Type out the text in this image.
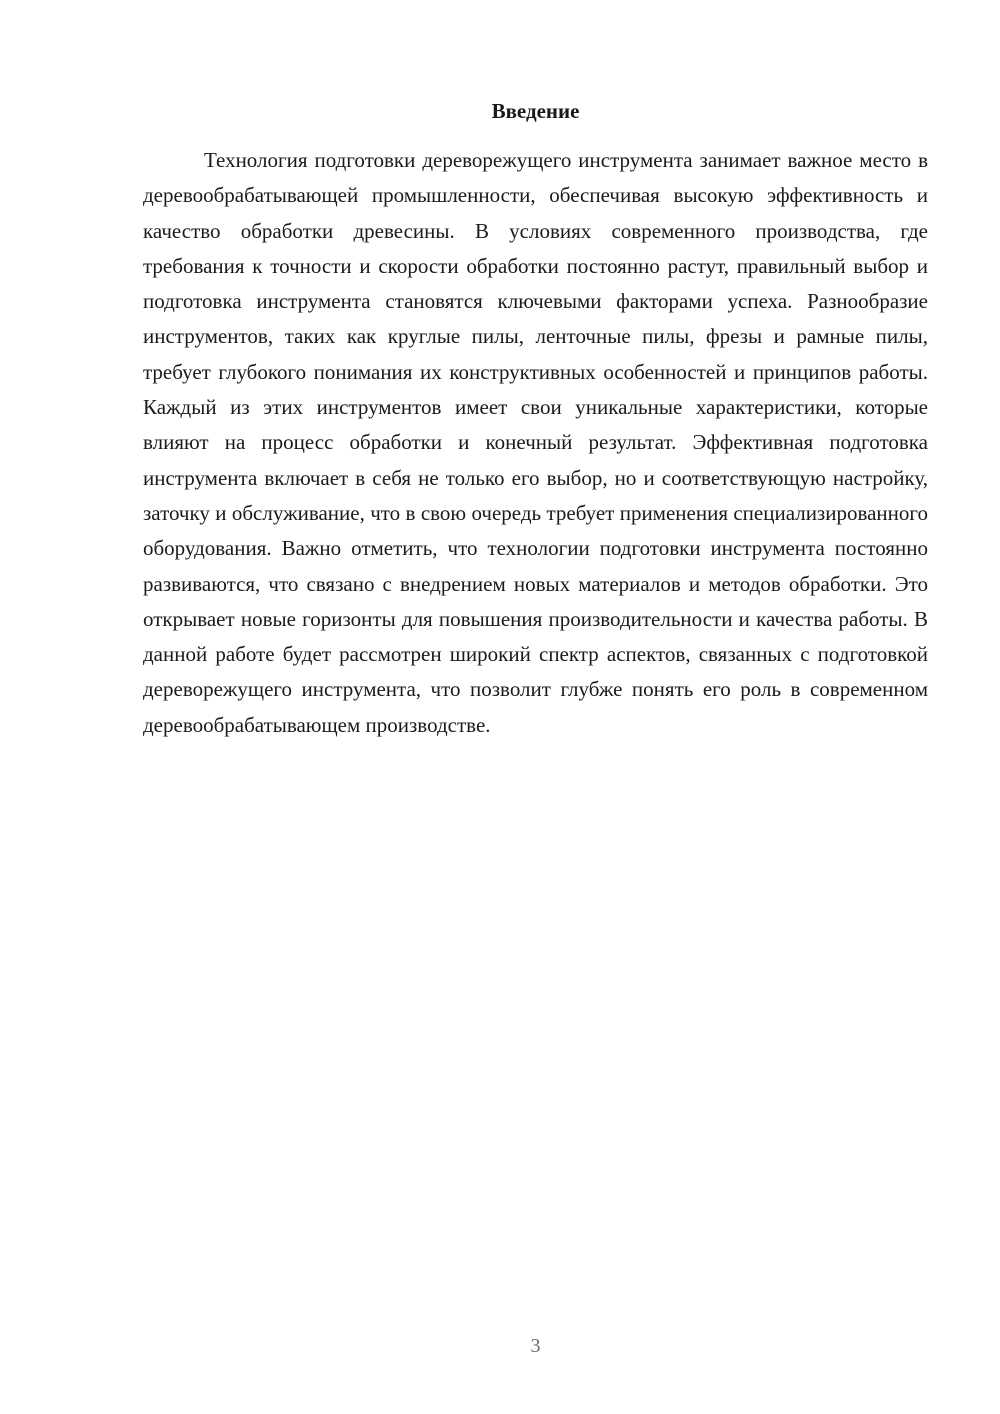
Введение

Технология подготовки дереворежущего инструмента занимает важное место в деревообрабатывающей промышленности, обеспечивая высокую эффективность и качество обработки древесины. В условиях современного производства, где требования к точности и скорости обработки постоянно растут, правильный выбор и подготовка инструмента становятся ключевыми факторами успеха. Разнообразие инструментов, таких как круглые пилы, ленточные пилы, фрезы и рамные пилы, требует глубокого понимания их конструктивных особенностей и принципов работы. Каждый из этих инструментов имеет свои уникальные характеристики, которые влияют на процесс обработки и конечный результат. Эффективная подготовка инструмента включает в себя не только его выбор, но и соответствующую настройку, заточку и обслуживание, что в свою очередь требует применения специализированного оборудования. Важно отметить, что технологии подготовки инструмента постоянно развиваются, что связано с внедрением новых материалов и методов обработки. Это открывает новые горизонты для повышения производительности и качества работы. В данной работе будет рассмотрен широкий спектр аспектов, связанных с подготовкой дереворежущего инструмента, что позволит глубже понять его роль в современном деревообрабатывающем производстве.

3
